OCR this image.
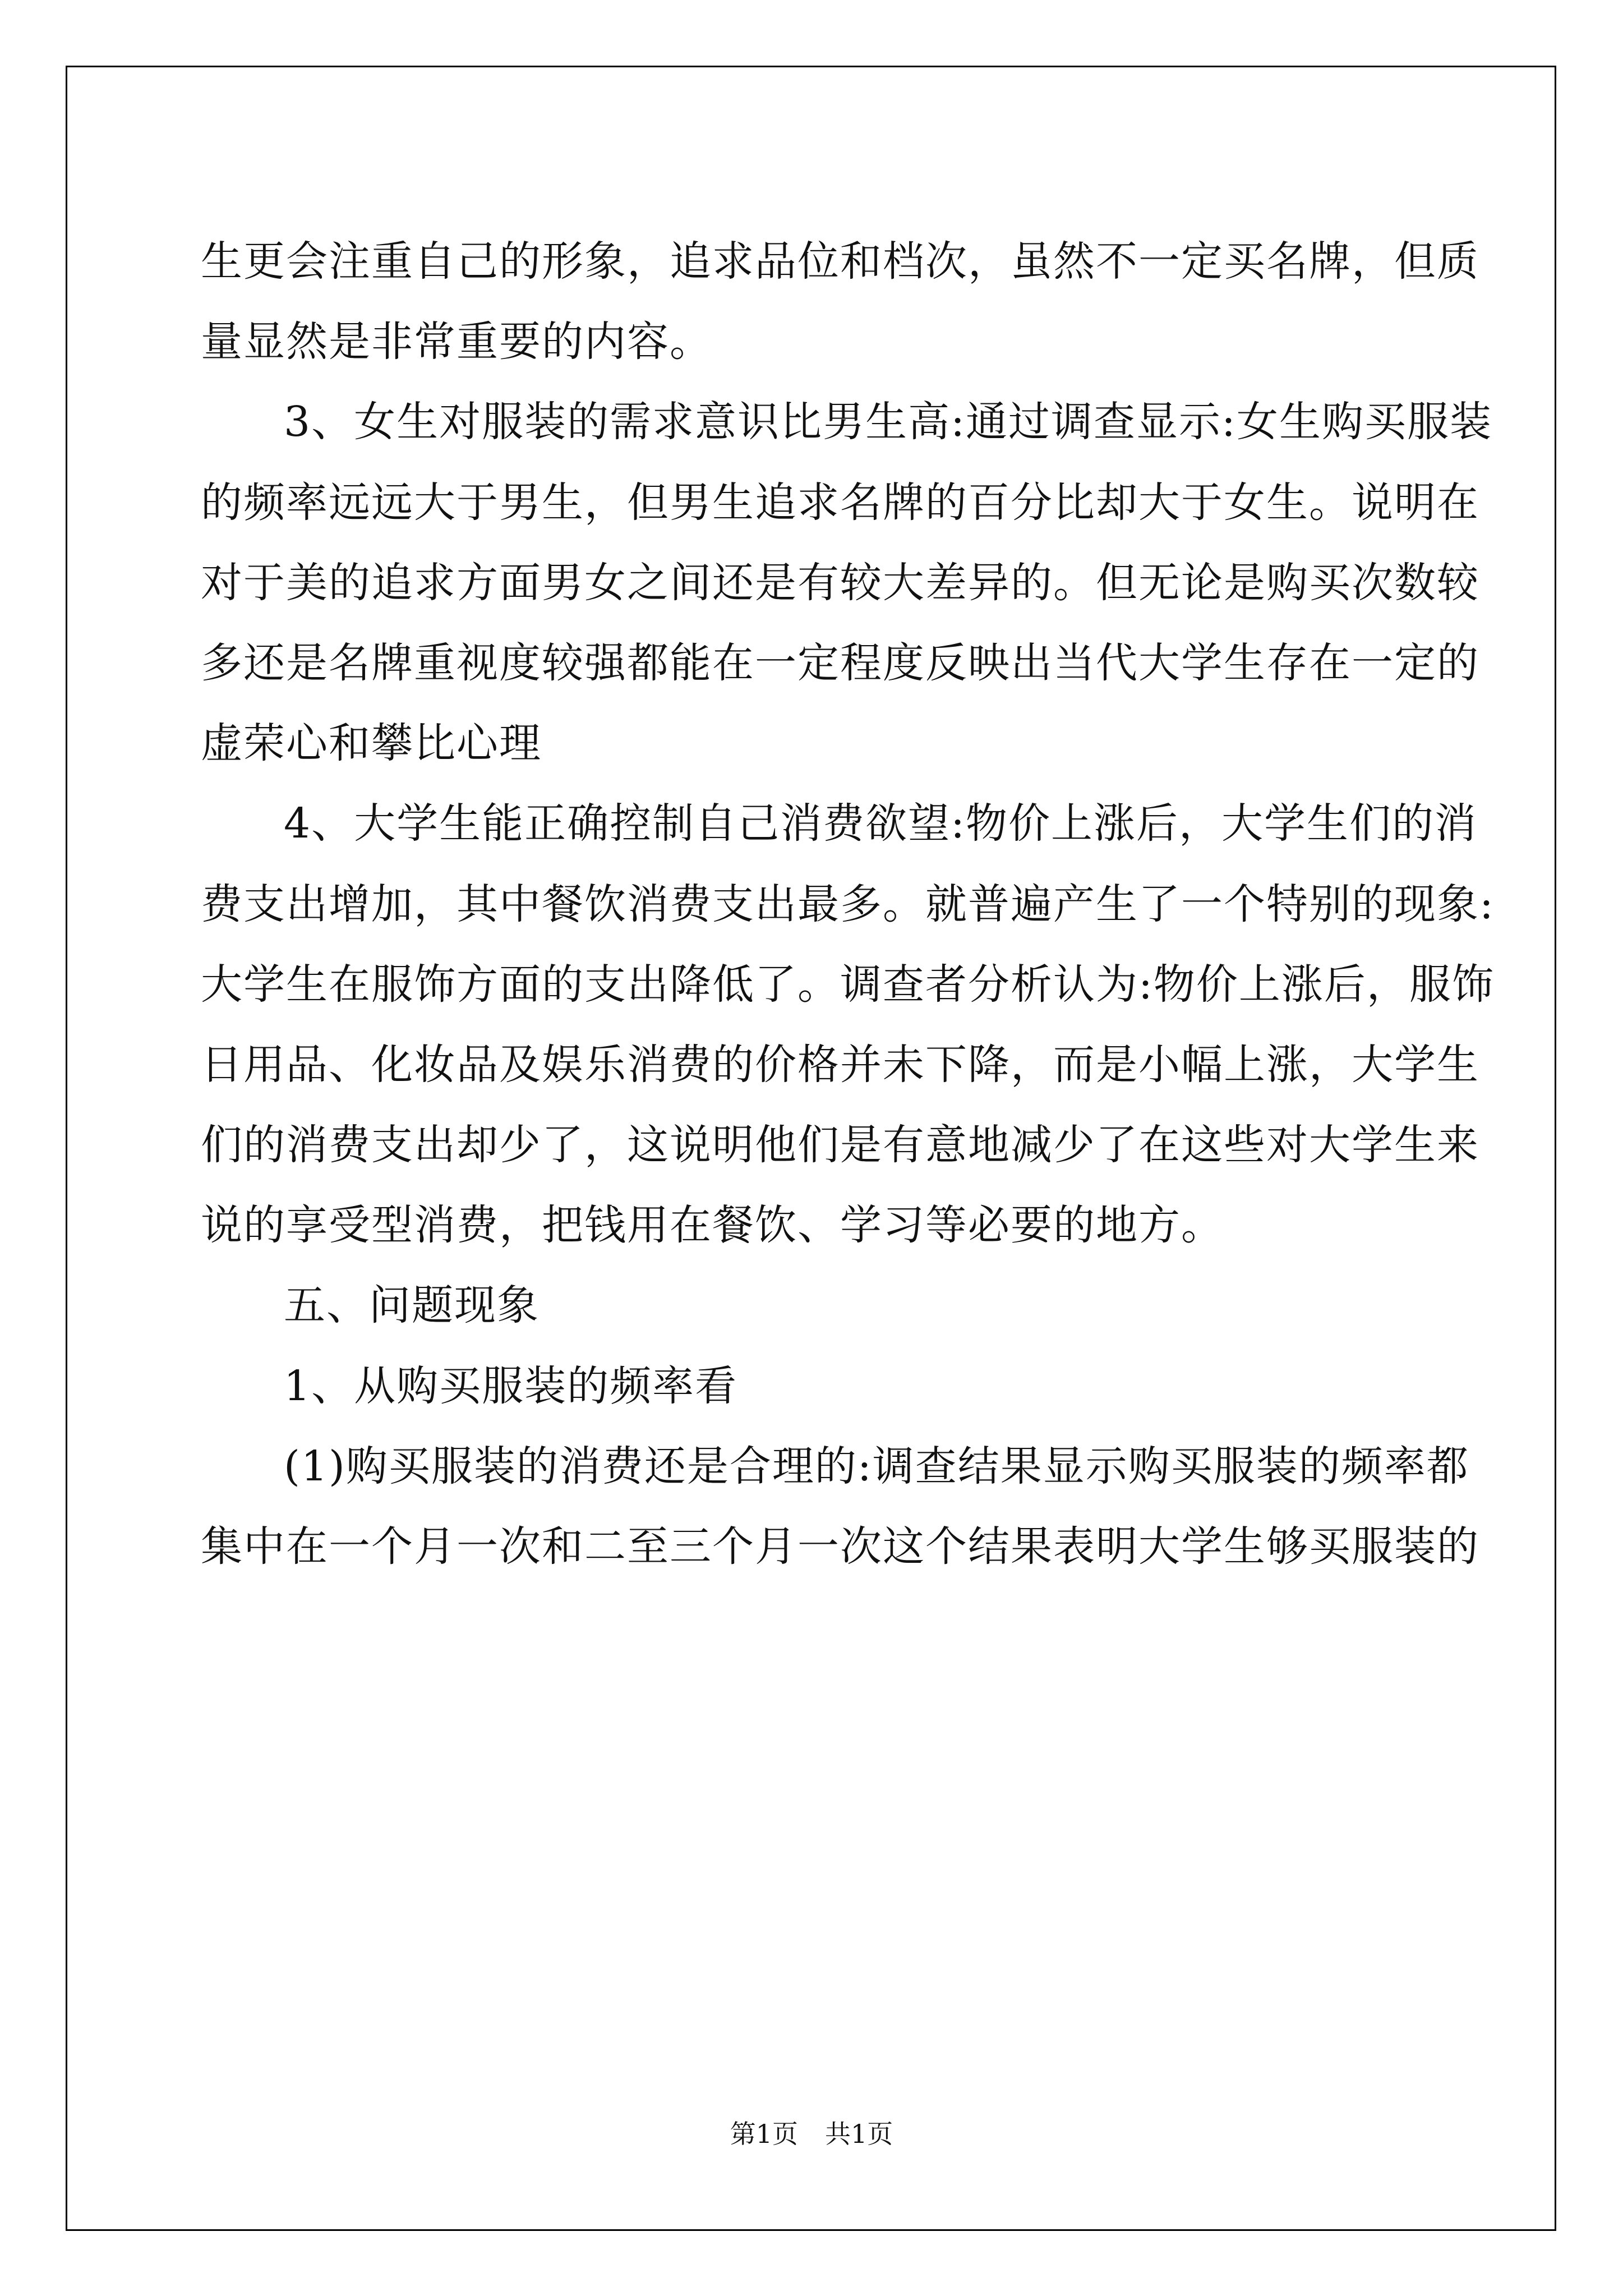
生更会注重自己的形象，追求品位和档次，虽然不一定买名牌，但质
量显然是非常重要的内容。
3、女生对服装的需求意识比男生高:通过调查显示:女生购买服装
的频率远远大于男生，但男生追求名牌的百分比却大于女生。说明在
对于美的追求方面男女之间还是有较大差异的。但无论是购买次数较
多还是名牌重视度较强都能在一定程度反映出当代大学生存在一定的
虚荣心和攀比心理
4、大学生能正确控制自己消费欲望:物价上涨后，大学生们的消
费支出增加，其中餐饮消费支出最多。就普遍产生了一个特别的现象:
大学生在服饰方面的支出降低了。调查者分析认为:物价上涨后，服饰
日用品、化妆品及娱乐消费的价格并未下降，而是小幅上涨，大学生
们的消费支出却少了，这说明他们是有意地减少了在这些对大学生来
说的享受型消费，把钱用在餐饮、学习等必要的地方。
五、问题现象
1、从购买服装的频率看
(1)购买服装的消费还是合理的:调查结果显示购买服装的频率都
集中在一个月一次和二至三个月一次这个结果表明大学生够买服装的
第1页 共1页
